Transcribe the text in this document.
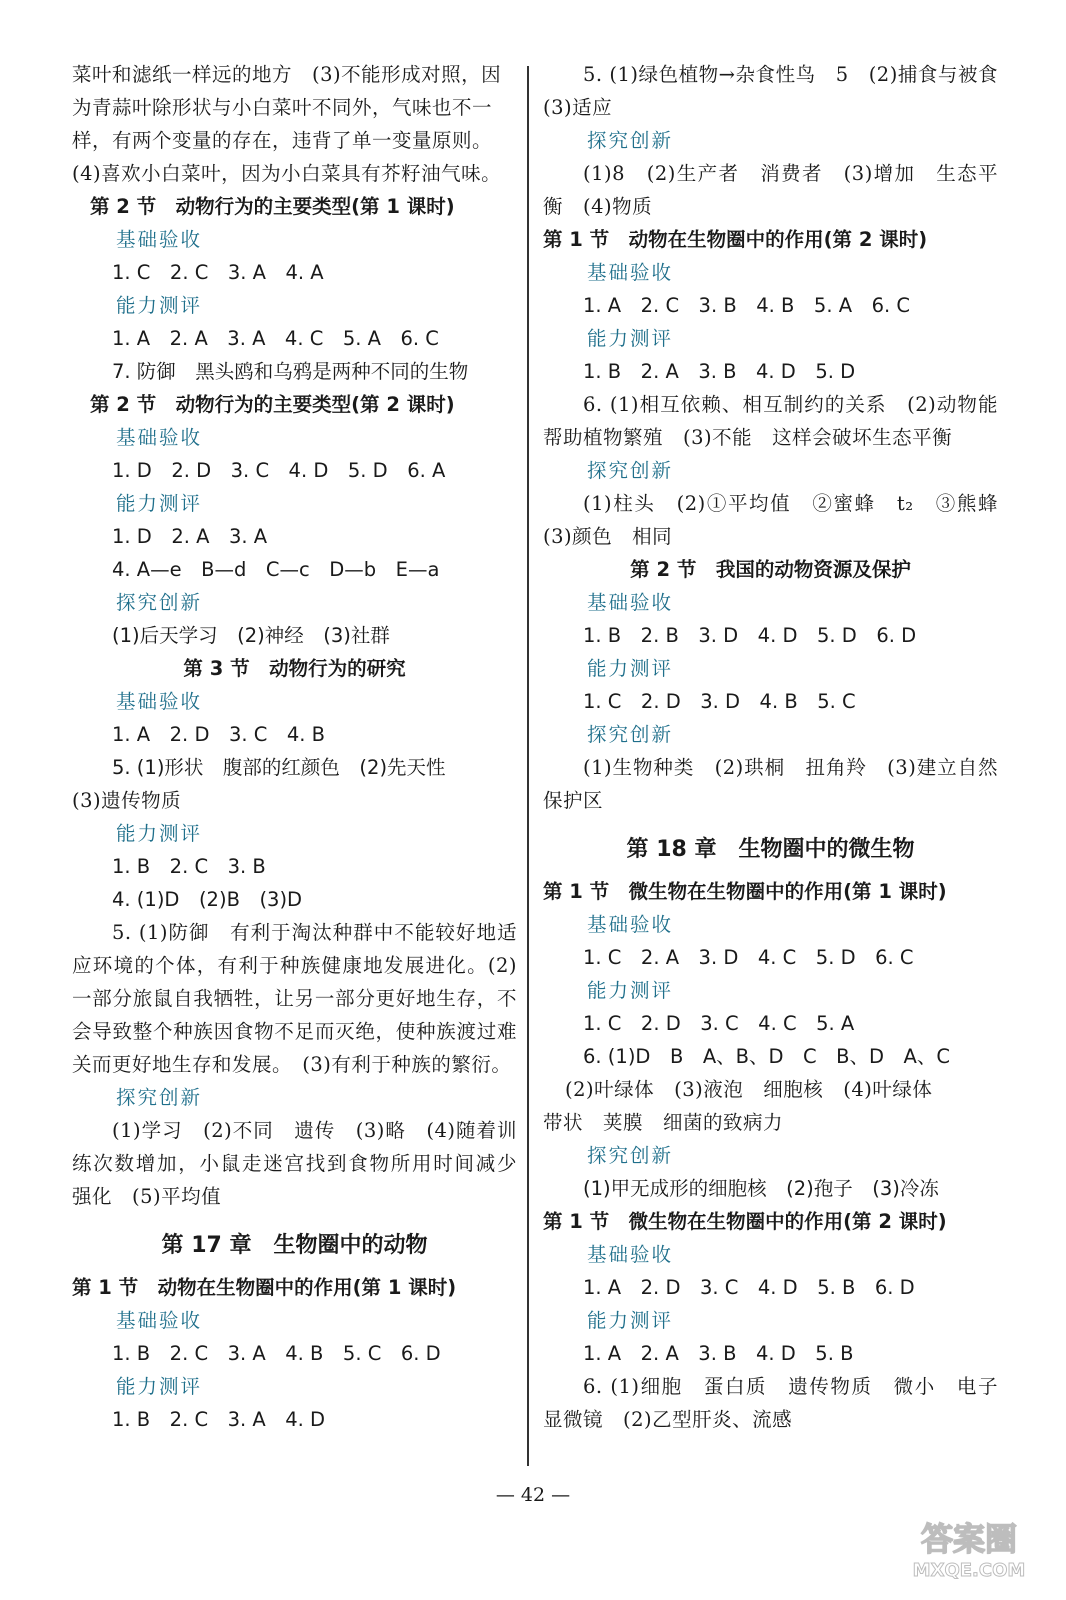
菜叶和滤纸一样远的地方　(3)不能形成对照，因
为青蒜叶除形状与小白菜叶不同外，气味也不一
样，有两个变量的存在，违背了单一变量原则。
(4)喜欢小白菜叶，因为小白菜具有芥籽油气味。
第 2 节　动物行为的主要类型(第 1 课时)
基础验收
1. C　2. C　3. A　4. A
能力测评
1. A　2. A　3. A　4. C　5. A　6. C
7. 防御　黑头鸥和乌鸦是两种不同的生物
第 2 节　动物行为的主要类型(第 2 课时)
基础验收
1. D　2. D　3. C　4. D　5. D　6. A
能力测评
1. D　2. A　3. A
4. A—e　B—d　C—c　D—b　E—a
探究创新
(1)后天学习　(2)神经　(3)社群
第 3 节　动物行为的研究
基础验收
1. A　2. D　3. C　4. B
5. (1)形状　腹部的红颜色　(2)先天性
(3)遗传物质
能力测评
1. B　2. C　3. B
4. (1)D　(2)B　(3)D
5. (1)防御　有利于淘汰种群中不能较好地适应环境的个体，有利于种族健康地发展进化。(2)一部分旅鼠自我牺牲，让另一部分更好地生存，不会导致整个种族因食物不足而灭绝，使种族渡过难关而更好地生存和发展。　(3)有利于种族的繁衍。
探究创新
(1)学习　(2)不同　遗传　(3)略　(4)随着训练次数增加，小鼠走迷宫找到食物所用时间减少　强化　(5)平均值
第 17 章　生物圈中的动物
第 1 节　动物在生物圈中的作用(第 1 课时)
基础验收
1. B　2. C　3. A　4. B　5. C　6. D
能力测评
1. B　2. C　3. A　4. D
5. (1)绿色植物→杂食性鸟　5　(2)捕食与被食　(3)适应
探究创新
(1)8　(2)生产者　消费者　(3)增加　生态平衡　(4)物质
第 1 节　动物在生物圈中的作用(第 2 课时)
基础验收
1. A　2. C　3. B　4. B　5. A　6. C
能力测评
1. B　2. A　3. B　4. D　5. D
6. (1)相互依赖、相互制约的关系　(2)动物能帮助植物繁殖　(3)不能　这样会破坏生态平衡
探究创新
(1)柱头　(2)①平均值　②蜜蜂　t₂　③熊蜂　(3)颜色　相同
第 2 节　我国的动物资源及保护
基础验收
1. B　2. B　3. D　4. D　5. D　6. D
能力测评
1. C　2. D　3. D　4. B　5. C
探究创新
(1)生物种类　(2)珙桐　扭角羚　(3)建立自然保护区
第 18 章　生物圈中的微生物
第 1 节　微生物在生物圈中的作用(第 1 课时)
基础验收
1. C　2. A　3. D　4. C　5. D　6. C
能力测评
1. C　2. D　3. C　4. C　5. A
6. (1)D　B　A、B、D　C　B、D　A、C
(2)叶绿体　(3)液泡　细胞核　(4)叶绿体
带状　荚膜　细菌的致病力
探究创新
(1)甲无成形的细胞核　(2)孢子　(3)冷冻
第 1 节　微生物在生物圈中的作用(第 2 课时)
基础验收
1. A　2. D　3. C　4. D　5. B　6. D
能力测评
1. A　2. A　3. B　4. D　5. B
6. (1)细胞　蛋白质　遗传物质　微小　电子显微镜　(2)乙型肝炎、流感
— 42 —
答案圈
MXQE.COM
